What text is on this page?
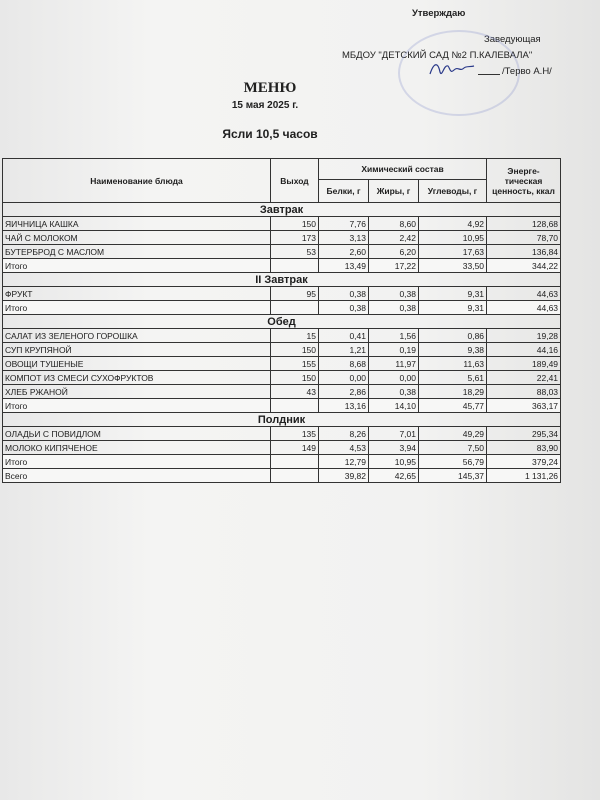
Утверждаю
Заведующая
МБДОУ "ДЕТСКИЙ САД №2 П.КАЛЕВАЛА"
/Терво А.Н/
МЕНЮ
15 мая 2025 г.
Ясли 10,5 часов
Наименование блюда	Выход	Химический состав			Энерге-тическая ценность, ккал
		Белки, г	Жиры, г	Углеводы, г	
Завтрак					
ЯИЧНИЦА КАШКА	150	7,76	8,60	4,92	128,68
ЧАЙ С МОЛОКОМ	173	3,13	2,42	10,95	78,70
БУТЕРБРОД С МАСЛОМ	53	2,60	6,20	17,63	136,84
Итого		13,49	17,22	33,50	344,22
II Завтрак					
ФРУКТ	95	0,38	0,38	9,31	44,63
Итого		0,38	0,38	9,31	44,63
Обед					
САЛАТ ИЗ ЗЕЛЕНОГО ГОРОШКА	15	0,41	1,56	0,86	19,28
СУП КРУПЯНОЙ	150	1,21	0,19	9,38	44,16
ОВОЩИ ТУШЕНЫЕ	155	8,68	11,97	11,63	189,49
КОМПОТ ИЗ СМЕСИ СУХОФРУКТОВ	150	0,00	0,00	5,61	22,41
ХЛЕБ РЖАНОЙ	43	2,86	0,38	18,29	88,03
Итого		13,16	14,10	45,77	363,17
Полдник					
ОЛАДЬИ С ПОВИДЛОМ	135	8,26	7,01	49,29	295,34
МОЛОКО КИПЯЧЕНОЕ	149	4,53	3,94	7,50	83,90
Итого		12,79	10,95	56,79	379,24
Всего		39,82	42,65	145,37	1 131,26
